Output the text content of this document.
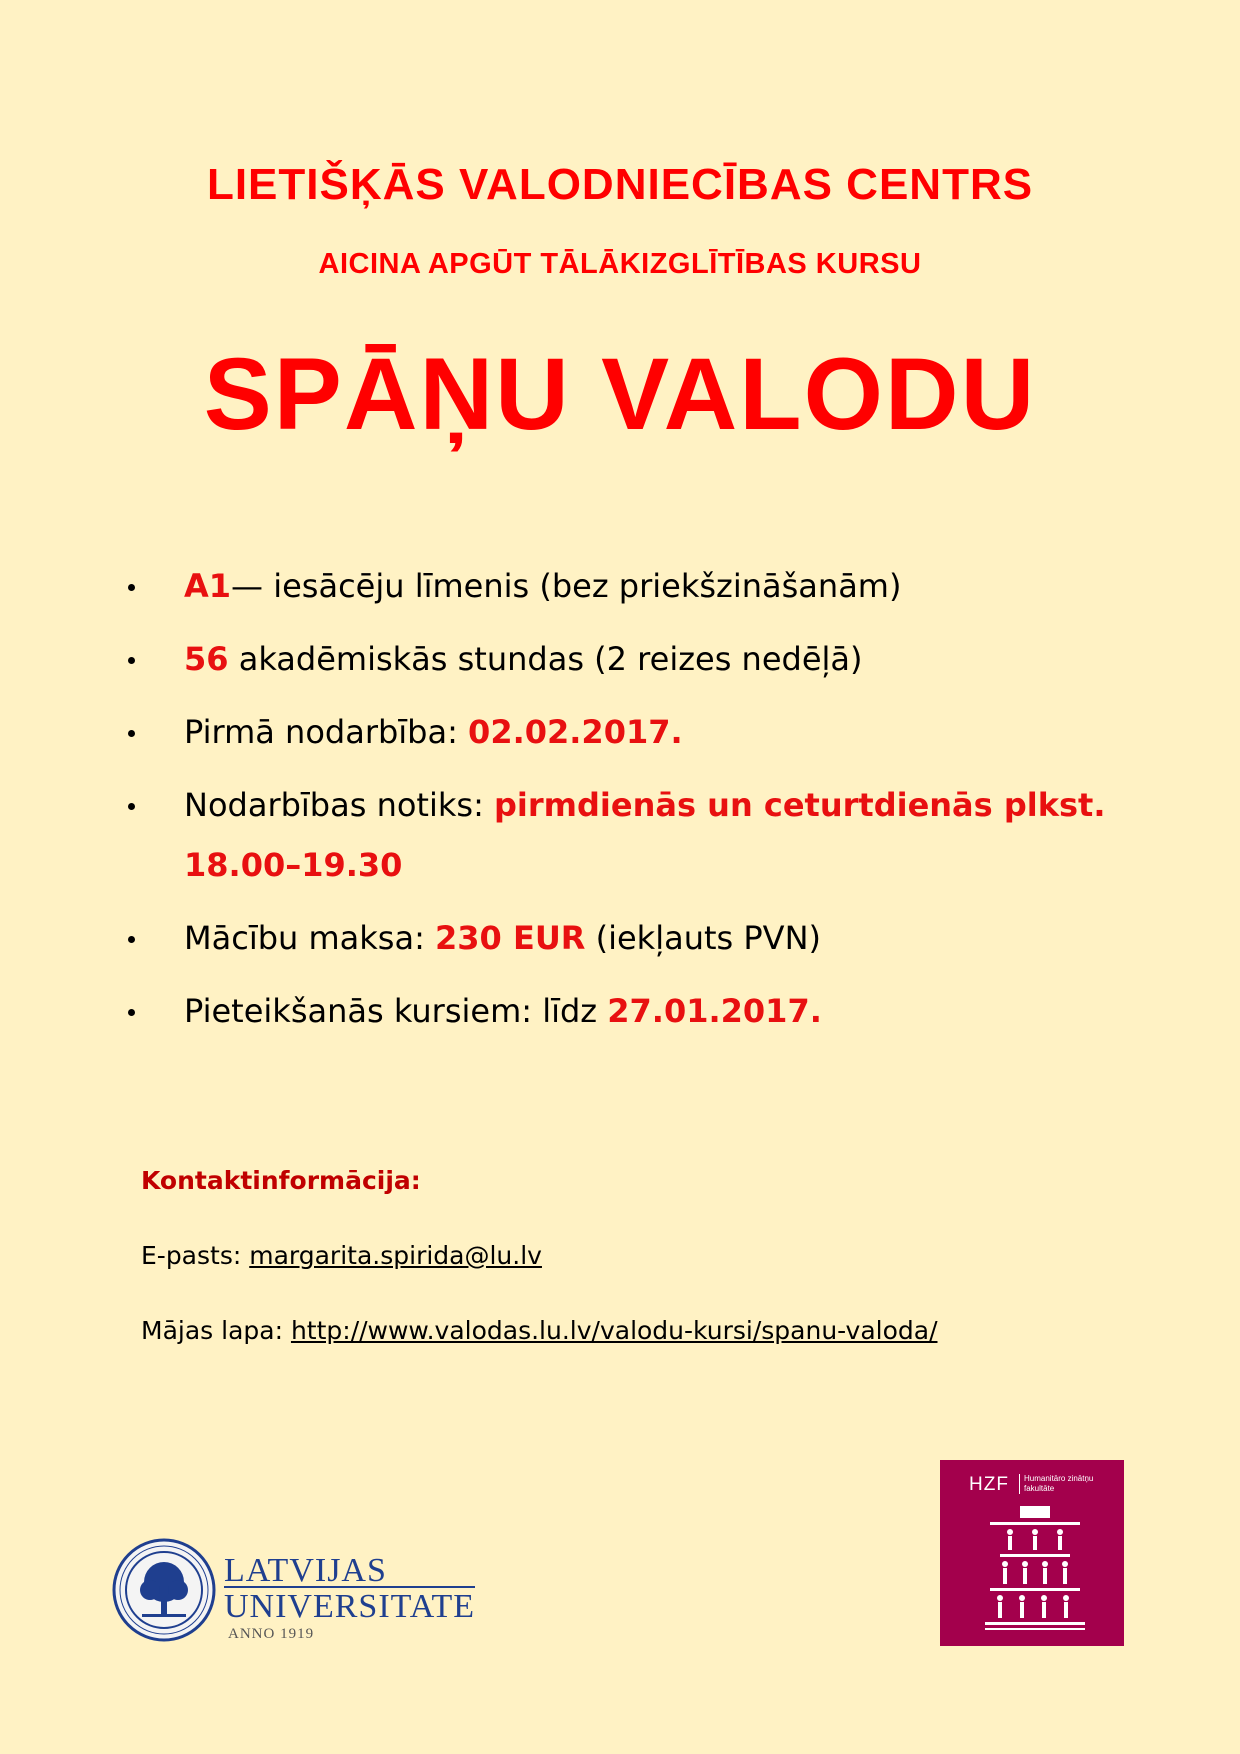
LIETIŠĶĀS VALODNIECĪBAS CENTRS
AICINA APGŪT TĀLĀKIZGLĪTĪBAS KURSU
SPĀŅU VALODU
A1— iesācēju līmenis (bez priekšzināšanām)
56 akadēmiskās stundas (2 reizes nedēļā)
Pirmā nodarbība: 02.02.2017.
Nodarbības notiks: pirmdienās un ceturtdienās plkst. 18.00–19.30
Mācību maksa: 230 EUR (iekļauts PVN)
Pieteikšanās kursiem: līdz 27.01.2017.
Kontaktinformācija:
E-pasts: margarita.spirida@lu.lv
Mājas lapa: http://www.valodas.lu.lv/valodu-kursi/spanu-valoda/
LATVIJAS
UNIVERSITATE
ANNO 1919
HZF	Humanitāro zinātņu fakultāte
